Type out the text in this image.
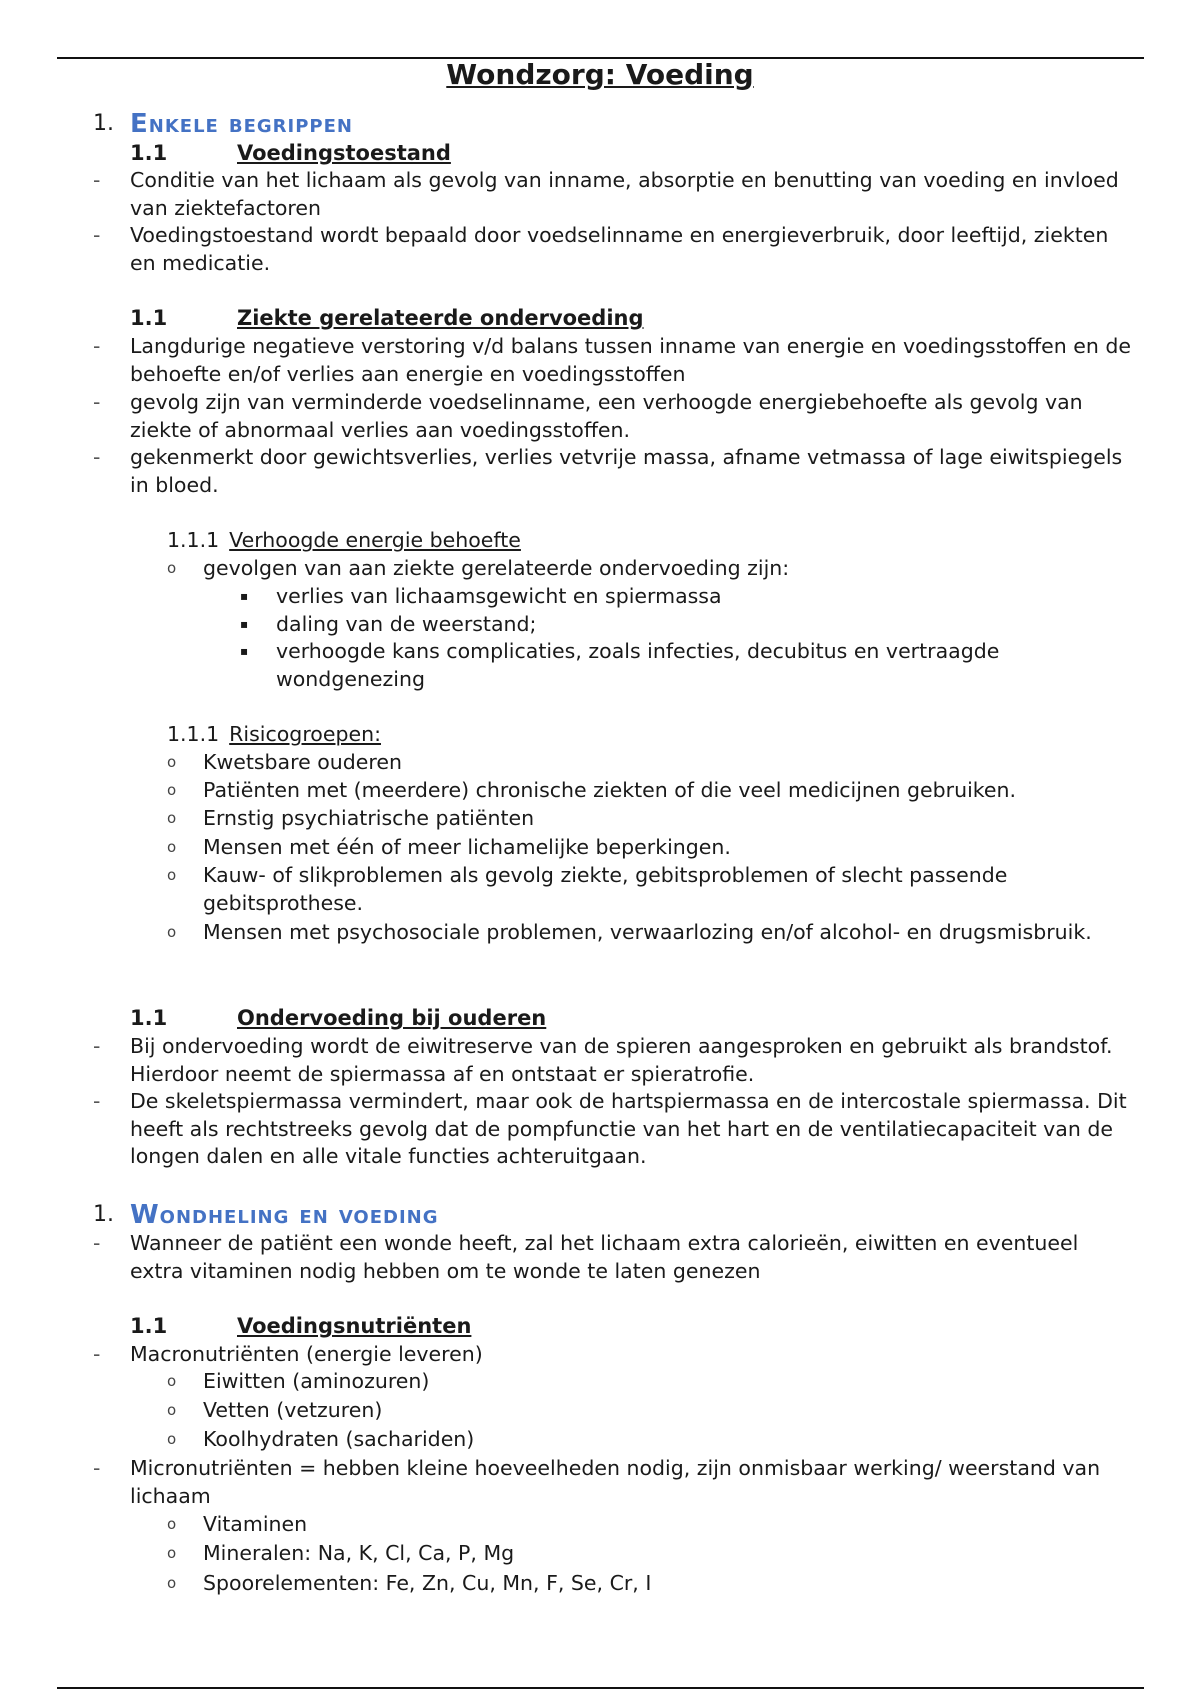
Wondzorg: Voeding
1. Enkele begrippen
1.1	Voedingstoestand
- Conditie van het lichaam als gevolg van inname, absorptie en benutting van voeding en invloed van ziektefactoren
- Voedingstoestand wordt bepaald door voedselinname en energieverbruik, door leeftijd, ziekten en medicatie.
1.1	Ziekte gerelateerde ondervoeding
- Langdurige negatieve verstoring v/d balans tussen inname van energie en voedingsstoffen en de behoefte en/of verlies aan energie en voedingsstoffen
- gevolg zijn van verminderde voedselinname, een verhoogde energiebehoefte als gevolg van ziekte of abnormaal verlies aan voedingsstoffen.
- gekenmerkt door gewichtsverlies, verlies vetvrije massa, afname vetmassa of lage eiwitspiegels in bloed.
1.1.1 Verhoogde energie behoefte
o gevolgen van aan ziekte gerelateerde ondervoeding zijn:
▪ verlies van lichaamsgewicht en spiermassa
▪ daling van de weerstand;
▪ verhoogde kans complicaties, zoals infecties, decubitus en vertraagde wondgenezing
1.1.1 Risicogroepen:
o Kwetsbare ouderen
o Patiënten met (meerdere) chronische ziekten of die veel medicijnen gebruiken.
o Ernstig psychiatrische patiënten
o Mensen met één of meer lichamelijke beperkingen.
o Kauw- of slikproblemen als gevolg ziekte, gebitsproblemen of slecht passende gebitsprothese.
o Mensen met psychosociale problemen, verwaarlozing en/of alcohol- en drugsmisbruik.
1.1	Ondervoeding bij ouderen
- Bij ondervoeding wordt de eiwitreserve van de spieren aangesproken en gebruikt als brandstof. Hierdoor neemt de spiermassa af en ontstaat er spieratrofie.
- De skeletspiermassa vermindert, maar ook de hartspiermassa en de intercostale spiermassa. Dit heeft als rechtstreeks gevolg dat de pompfunctie van het hart en de ventilatiecapaciteit van de longen dalen en alle vitale functies achteruitgaan.
1. Wondheling en voeding
- Wanneer de patiënt een wonde heeft, zal het lichaam extra calorieën, eiwitten en eventueel extra vitaminen nodig hebben om te wonde te laten genezen
1.1	Voedingsnutriënten
- Macronutriënten (energie leveren)
o Eiwitten (aminozuren)
o Vetten (vetzuren)
o Koolhydraten (sachariden)
- Micronutriënten = hebben kleine hoeveelheden nodig, zijn onmisbaar werking/ weerstand van lichaam
o Vitaminen
o Mineralen: Na, K, Cl, Ca, P, Mg
o Spoorelementen: Fe, Zn, Cu, Mn, F, Se, Cr, I
